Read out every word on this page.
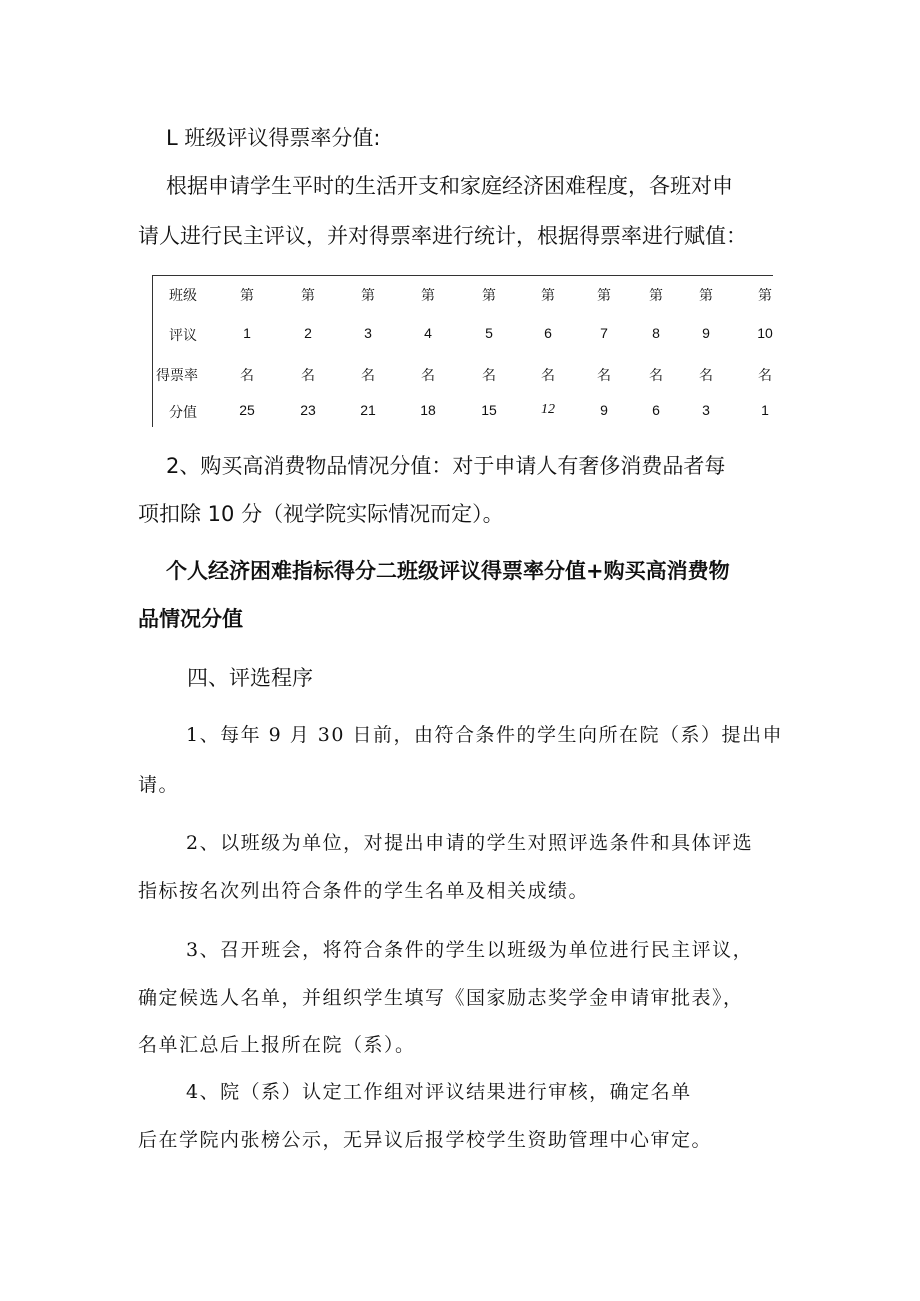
L 班级评议得票率分值:
根据申请学生平时的生活开支和家庭经济困难程度，各班对申
请人进行民主评议，并对得票率进行统计，根据得票率进行赋值：
班级
评议
得票率
分值
第
1
名
25
第
2
名
23
第
3
名
21
第
4
名
18
第
5
名
15
第
6
名
12
第
7
名
9
第
8
名
6
第
9
名
3
第
10
名
1
2、购买高消费物品情况分值：对于申请人有奢侈消费品者每
项扣除 10 分（视学院实际情况而定）。
个人经济困难指标得分二班级评议得票率分值+购买高消费物
品情况分值
四、评选程序
1、每年 9 月 30 日前，由符合条件的学生向所在院（系）提出申
请。
2、以班级为单位，对提出申请的学生对照评选条件和具体评选
指标按名次列出符合条件的学生名单及相关成绩。
3、召开班会，将符合条件的学生以班级为单位进行民主评议，
确定候选人名单，并组织学生填写《国家励志奖学金申请审批表》，
名单汇总后上报所在院（系）。
4、院（系）认定工作组对评议结果进行审核，确定名单
后在学院内张榜公示，无异议后报学校学生资助管理中心审定。
